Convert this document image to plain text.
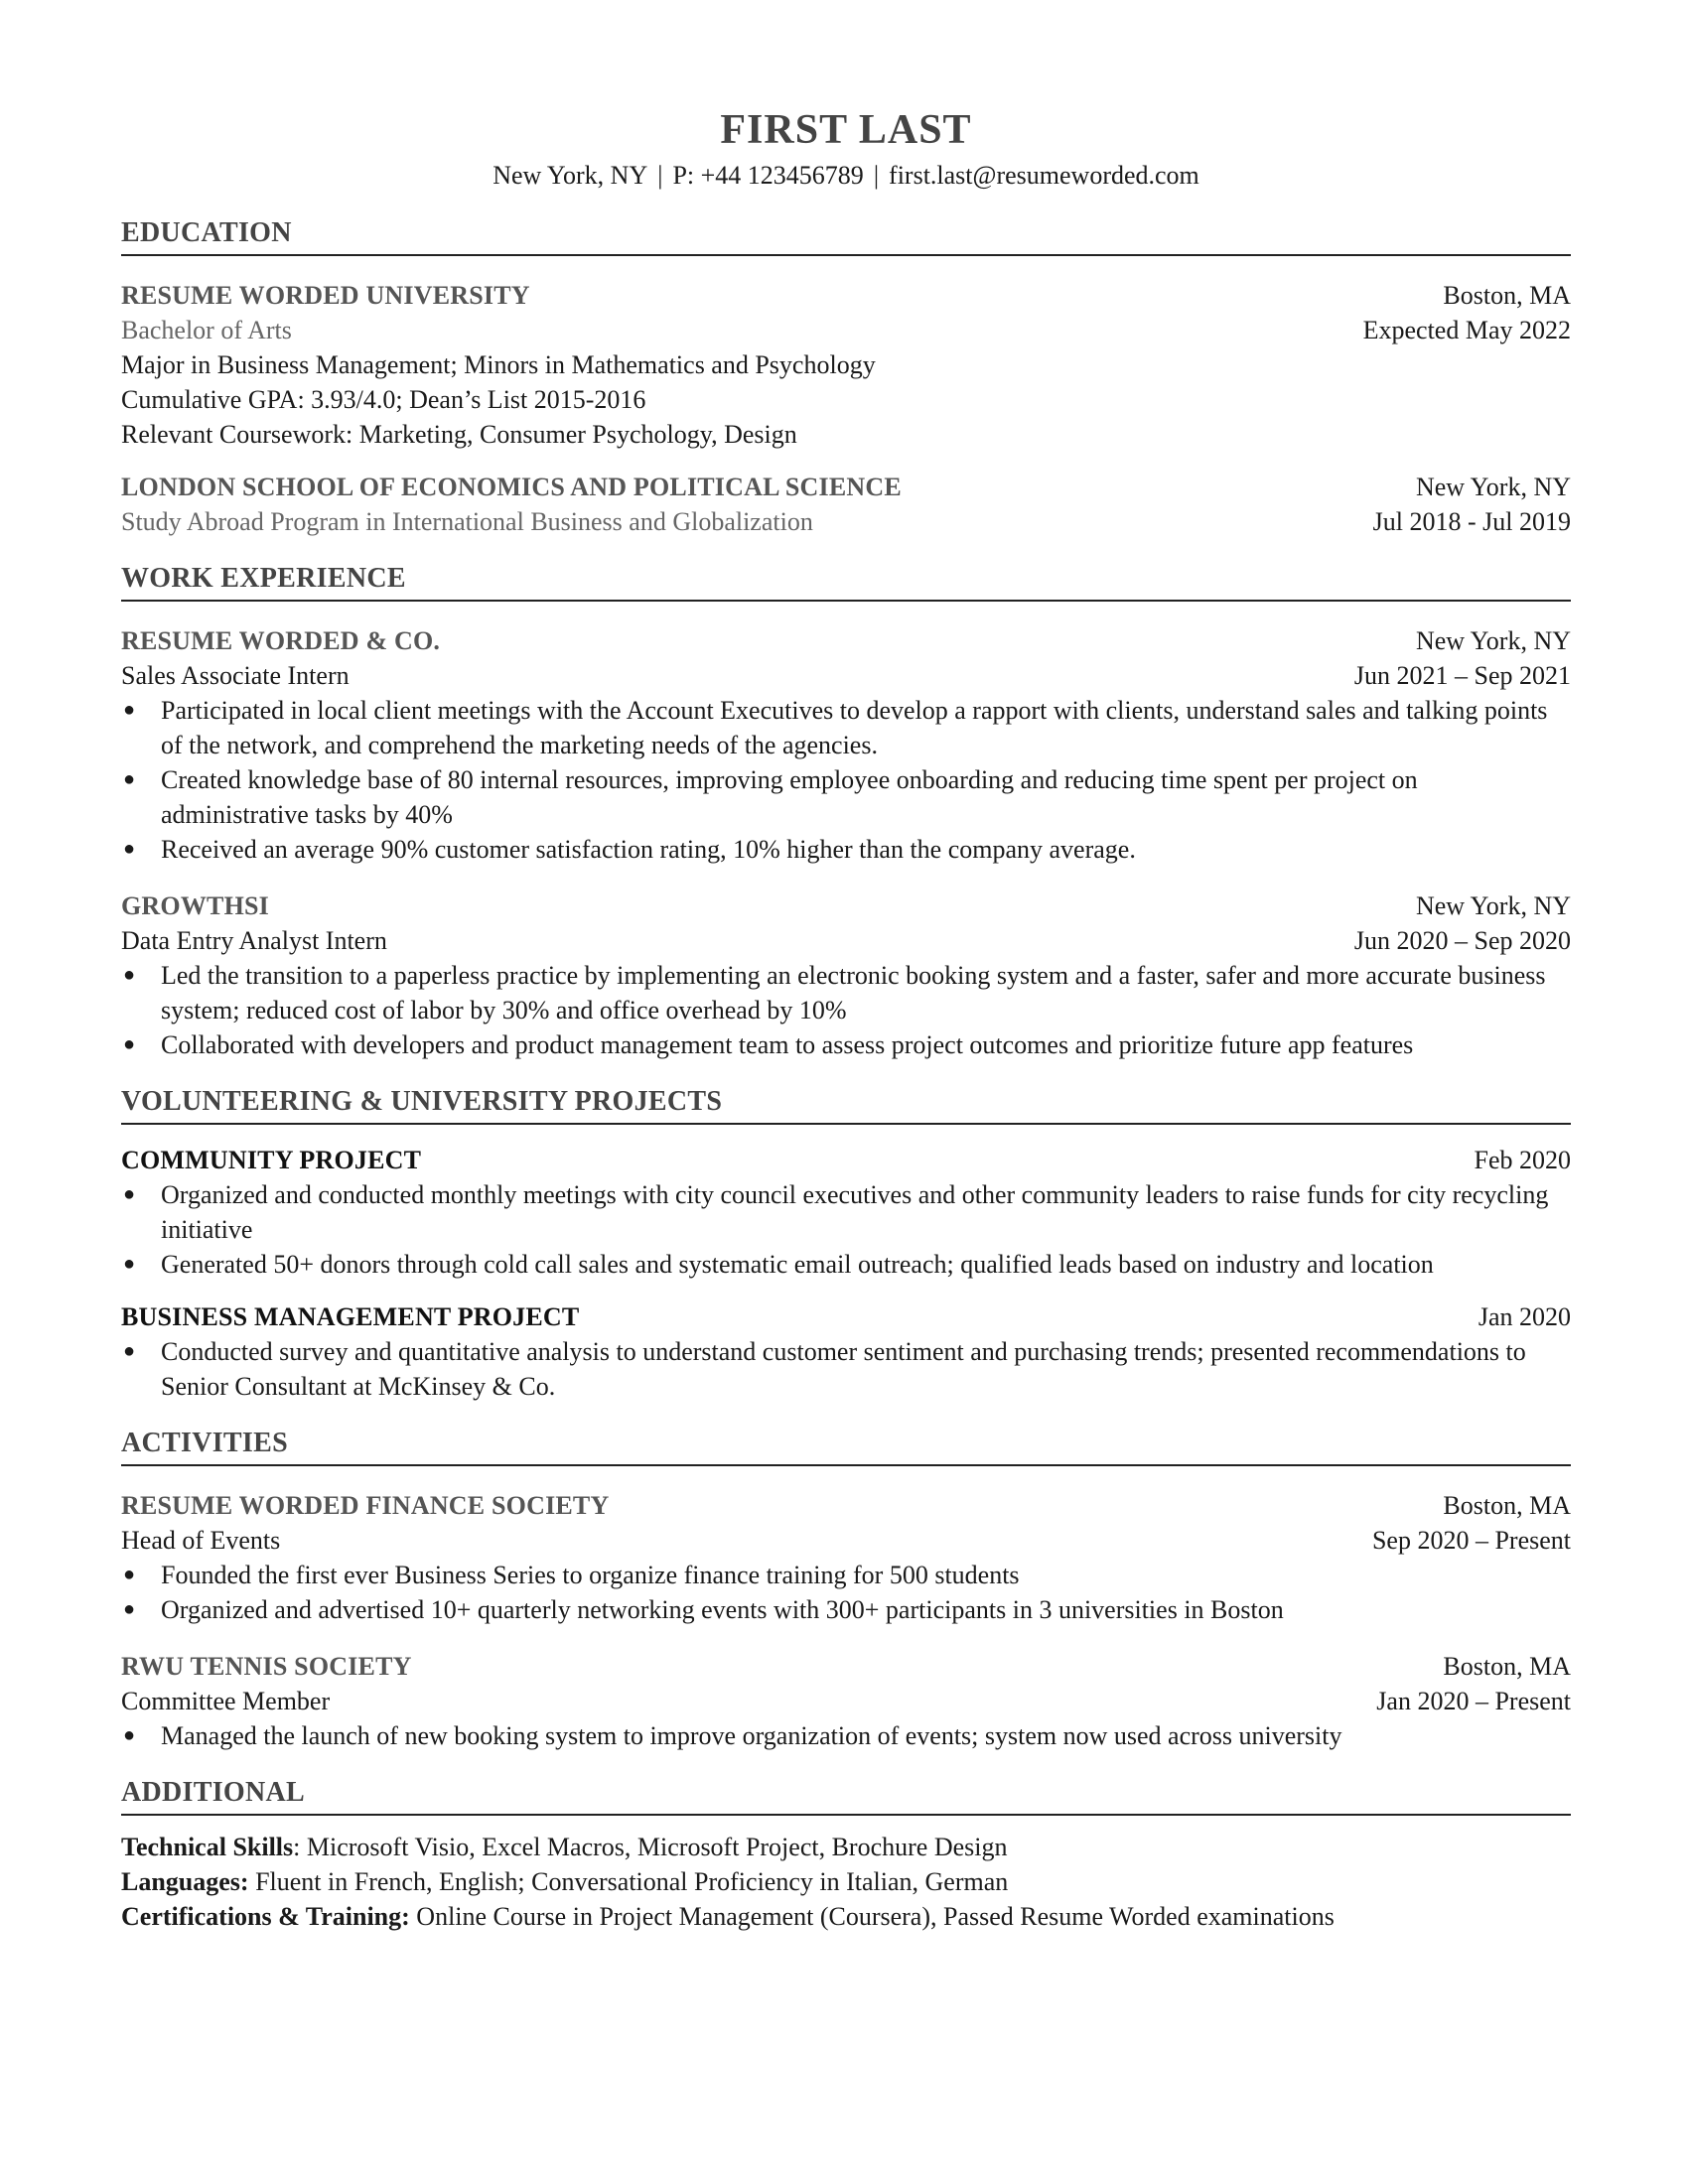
FIRST LAST
New York, NY | P: +44 123456789 | first.last@resumeworded.com
EDUCATION
RESUME WORDED UNIVERSITY	Boston, MA
Bachelor of Arts	Expected May 2022
Major in Business Management; Minors in Mathematics and Psychology
Cumulative GPA: 3.93/4.0; Dean’s List 2015-2016
Relevant Coursework: Marketing, Consumer Psychology, Design
LONDON SCHOOL OF ECONOMICS AND POLITICAL SCIENCE	New York, NY
Study Abroad Program in International Business and Globalization	Jul 2018 - Jul 2019
WORK EXPERIENCE
RESUME WORDED & CO.	New York, NY
Sales Associate Intern	Jun 2021 – Sep 2021
● Participated in local client meetings with the Account Executives to develop a rapport with clients, understand sales and talking points of the network, and comprehend the marketing needs of the agencies.
● Created knowledge base of 80 internal resources, improving employee onboarding and reducing time spent per project on administrative tasks by 40%
● Received an average 90% customer satisfaction rating, 10% higher than the company average.
GROWTHSI	New York, NY
Data Entry Analyst Intern	Jun 2020 – Sep 2020
● Led the transition to a paperless practice by implementing an electronic booking system and a faster, safer and more accurate business system; reduced cost of labor by 30% and office overhead by 10%
● Collaborated with developers and product management team to assess project outcomes and prioritize future app features
VOLUNTEERING & UNIVERSITY PROJECTS
COMMUNITY PROJECT	Feb 2020
● Organized and conducted monthly meetings with city council executives and other community leaders to raise funds for city recycling initiative
● Generated 50+ donors through cold call sales and systematic email outreach; qualified leads based on industry and location
BUSINESS MANAGEMENT PROJECT	Jan 2020
● Conducted survey and quantitative analysis to understand customer sentiment and purchasing trends; presented recommendations to Senior Consultant at McKinsey & Co.
ACTIVITIES
RESUME WORDED FINANCE SOCIETY	Boston, MA
Head of Events	Sep 2020 – Present
● Founded the first ever Business Series to organize finance training for 500 students
● Organized and advertised 10+ quarterly networking events with 300+ participants in 3 universities in Boston
RWU TENNIS SOCIETY	Boston, MA
Committee Member	Jan 2020 – Present
● Managed the launch of new booking system to improve organization of events; system now used across university
ADDITIONAL
Technical Skills: Microsoft Visio, Excel Macros, Microsoft Project, Brochure Design
Languages: Fluent in French, English; Conversational Proficiency in Italian, German
Certifications & Training: Online Course in Project Management (Coursera), Passed Resume Worded examinations
